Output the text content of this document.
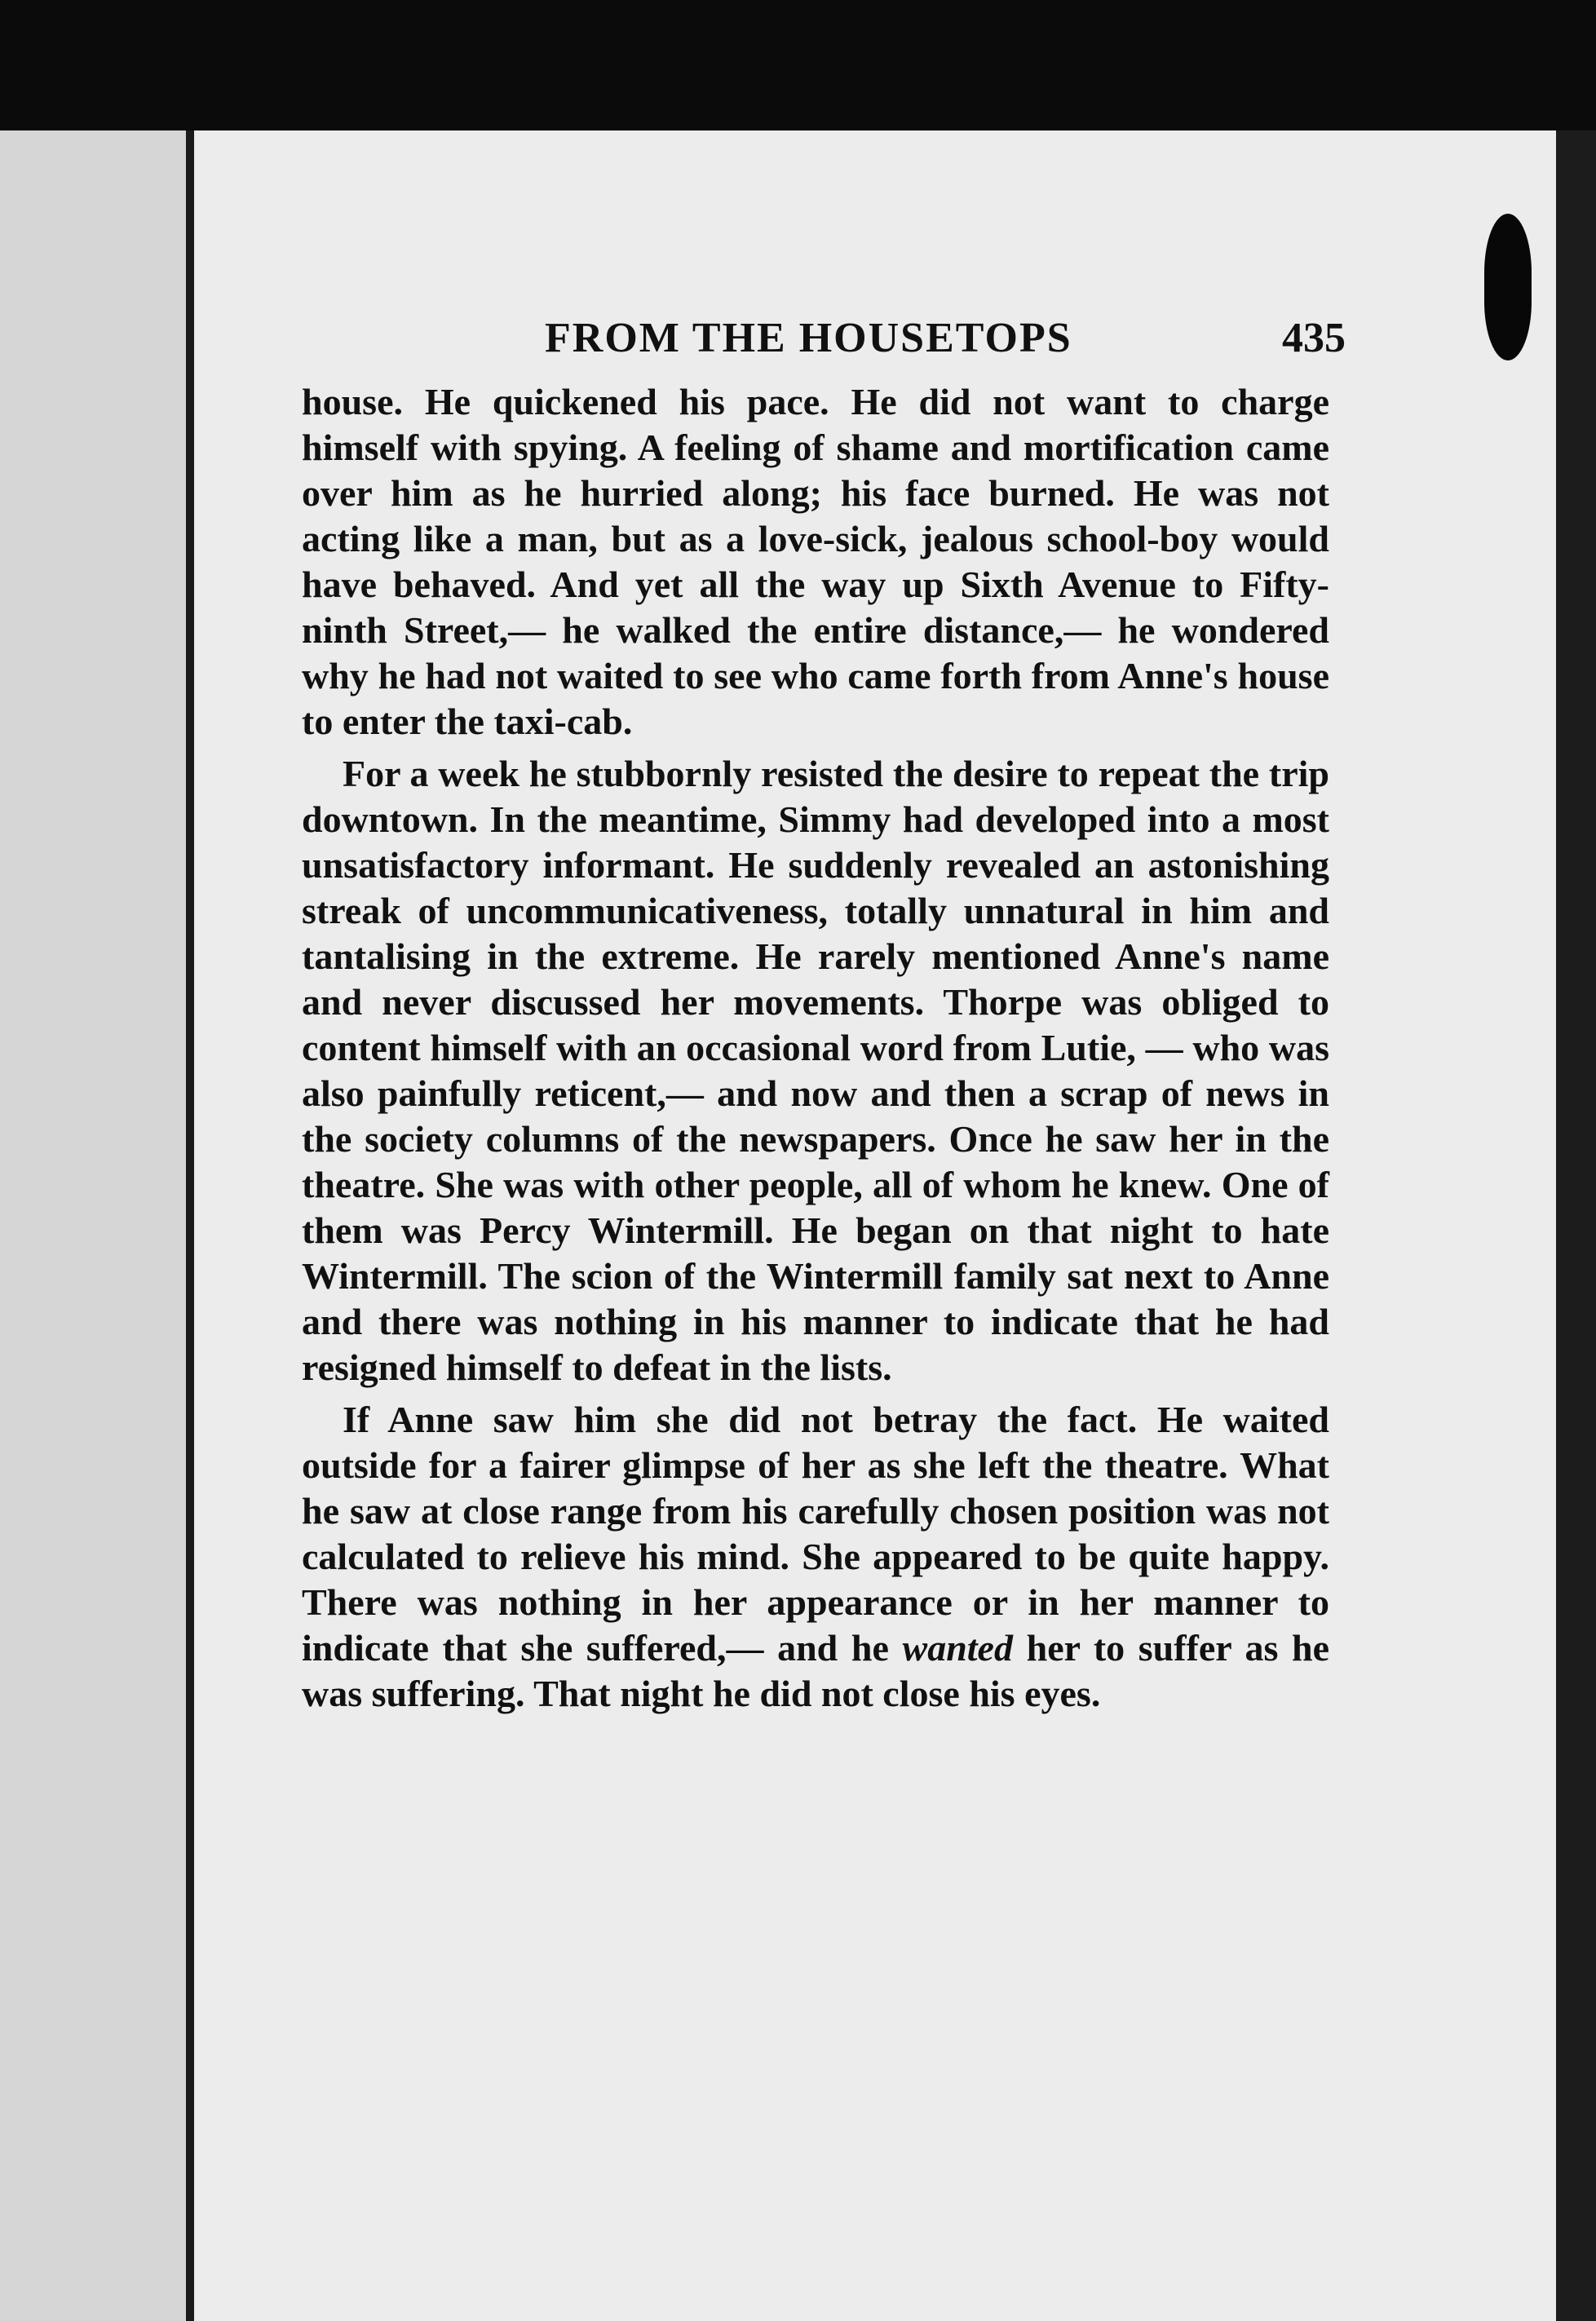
FROM THE HOUSETOPS	435

house. He quickened his pace. He did not want to charge himself with spying. A feeling of shame and mortification came over him as he hurried along; his face burned. He was not acting like a man, but as a love-sick, jealous school-boy would have behaved. And yet all the way up Sixth Avenue to Fifty-ninth Street,— he walked the entire distance,— he wondered why he had not waited to see who came forth from Anne's house to enter the taxi-cab.

For a week he stubbornly resisted the desire to repeat the trip downtown. In the meantime, Simmy had developed into a most unsatisfactory informant. He suddenly revealed an astonishing streak of uncommunicativeness, totally unnatural in him and tantalising in the extreme. He rarely mentioned Anne's name and never discussed her movements. Thorpe was obliged to content himself with an occasional word from Lutie, — who was also painfully reticent,— and now and then a scrap of news in the society columns of the newspapers. Once he saw her in the theatre. She was with other people, all of whom he knew. One of them was Percy Wintermill. He began on that night to hate Wintermill. The scion of the Wintermill family sat next to Anne and there was nothing in his manner to indicate that he had resigned himself to defeat in the lists.

If Anne saw him she did not betray the fact. He waited outside for a fairer glimpse of her as she left the theatre. What he saw at close range from his carefully chosen position was not calculated to relieve his mind. She appeared to be quite happy. There was nothing in her appearance or in her manner to indicate that she suffered,— and he wanted her to suffer as he was suffering. That night he did not close his eyes.
